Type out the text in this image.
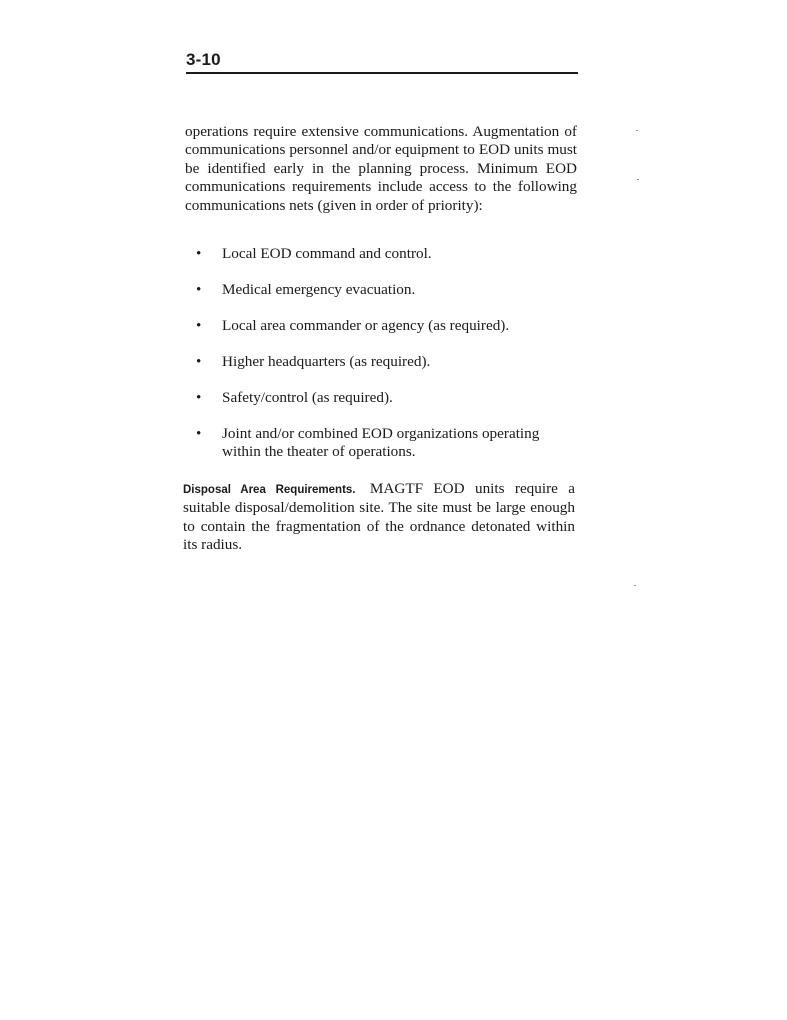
3-10

operations require extensive communications. Augmentation of communications personnel and/or equipment to EOD units must be identified early in the planning process. Minimum EOD communications requirements include access to the following communications nets (given in order of priority):

• Local EOD command and control.
• Medical emergency evacuation.
• Local area commander or agency (as required).
• Higher headquarters (as required).
• Safety/control (as required).
• Joint and/or combined EOD organizations operating within the theater of operations.

Disposal Area Requirements. MAGTF EOD units require a suitable disposal/demolition site. The site must be large enough to contain the fragmentation of the ordnance detonated within its radius.
